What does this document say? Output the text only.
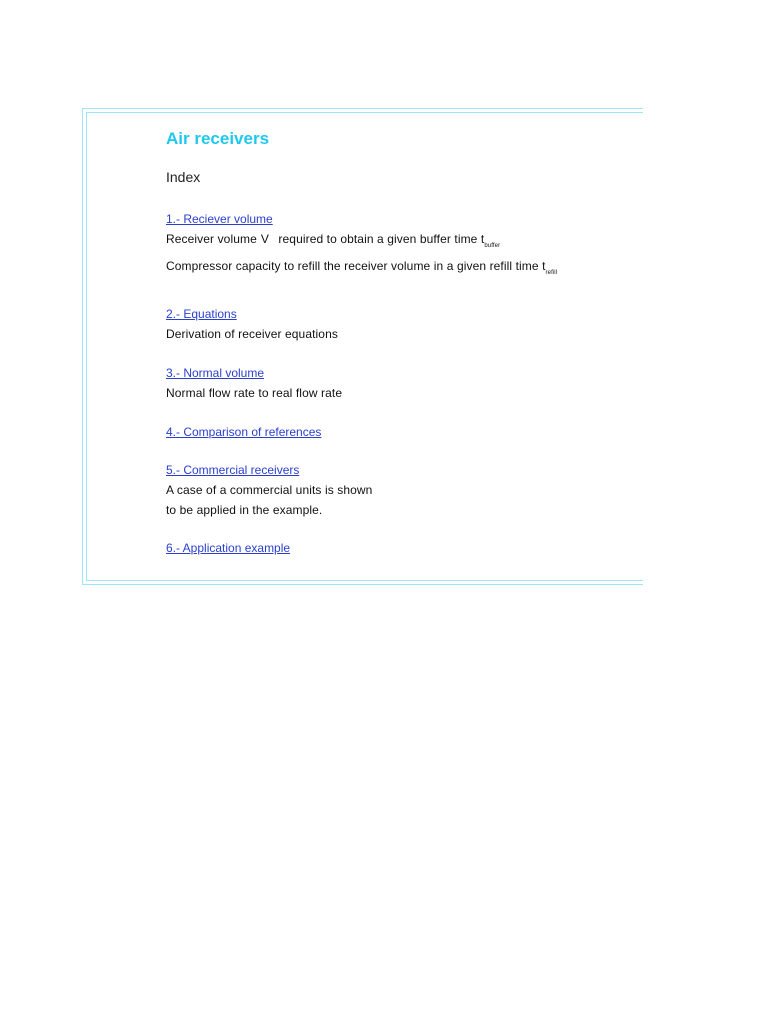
Air receivers
Index
1.- Reciever volume
Receiver volume V required to obtain a given buffer time $t_{buffer}$
Compressor capacity to refill the receiver volume in a given refill time $t_{refill}$
2.- Equations
Derivation of receiver equations
3.- Normal volume
Normal flow rate to real flow rate
4.- Comparison of references
5.- Commercial receivers
A case of a commercial units is shown
to be applied in the example.
6.- Application example
